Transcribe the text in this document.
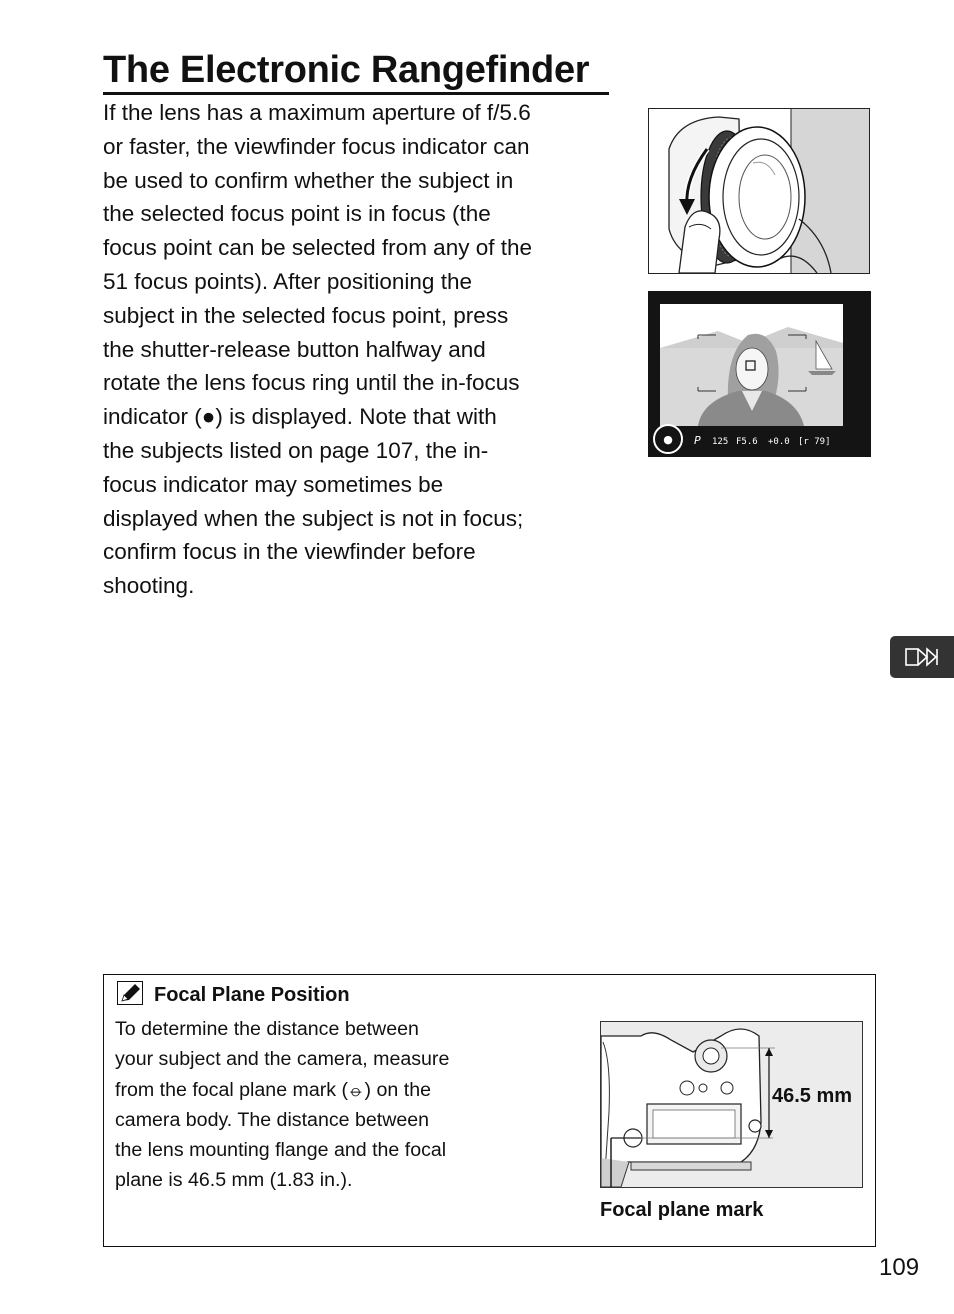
The Electronic Rangefinder
If the lens has a maximum aperture of f/5.6
or faster, the viewfinder focus indicator can
be used to confirm whether the subject in
the selected focus point is in focus (the
focus point can be selected from any of the
51 focus points). After positioning the
subject in the selected focus point, press
the shutter-release button halfway and
rotate the lens focus ring until the in-focus
indicator (●) is displayed. Note that with
the subjects listed on page 107, the in-
focus indicator may sometimes be
displayed when the subject is not in focus;
confirm focus in the viewfinder before
shooting.
● P 125 F5.6 +0.0 [r 79]
Focal Plane Position
To determine the distance between
your subject and the camera, measure
from the focal plane mark (⦵) on the
camera body. The distance between
the lens mounting flange and the focal
plane is 46.5 mm (1.83 in.).
46.5 mm
Focal plane mark
109
